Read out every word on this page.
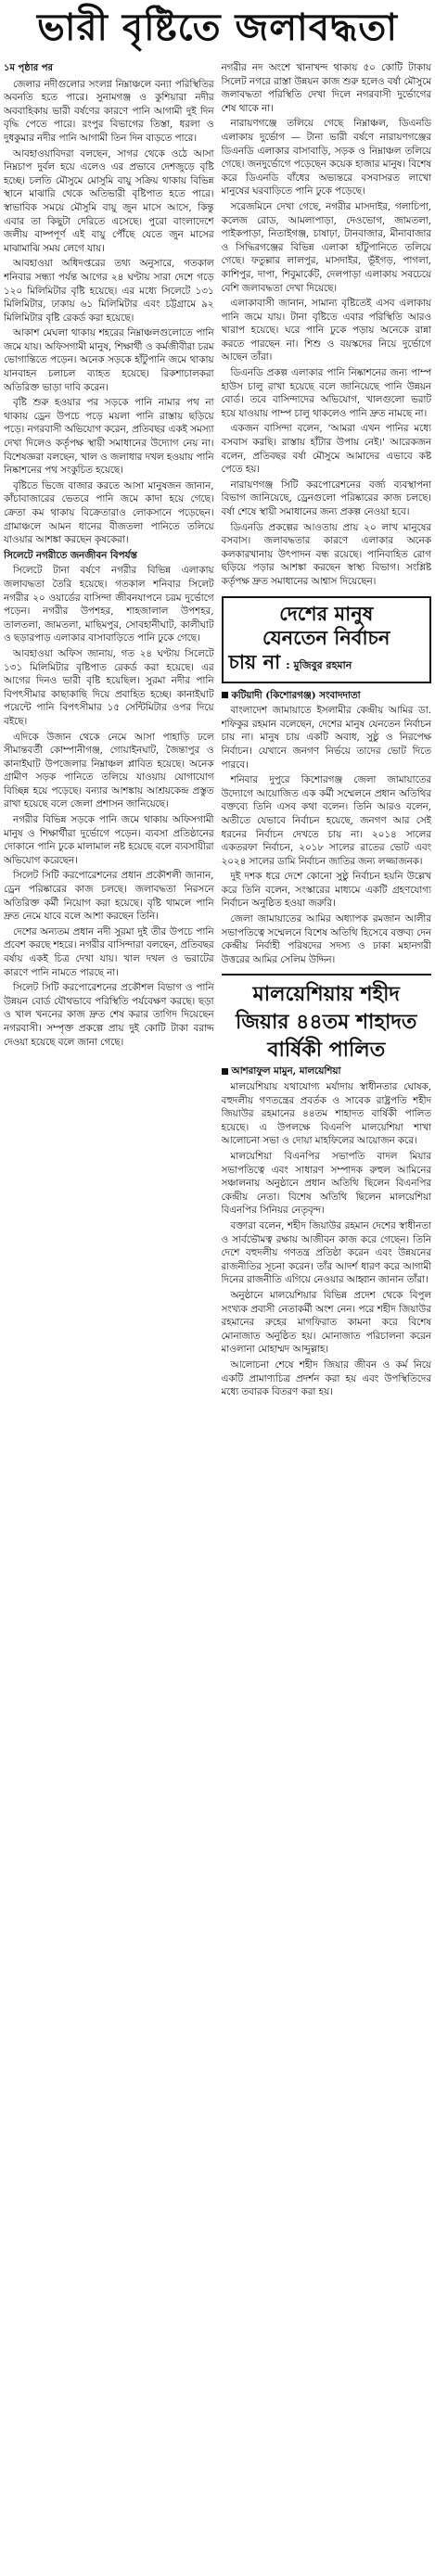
ভারী বৃষ্টিতে জলাবদ্ধতা

১ম পৃষ্ঠার পর

জেলার নদীগুলোর সংলগ্ন নিম্নাঞ্চলে বন্যা পরিস্থিতির অবনতি হতে পারে। সুনামগঞ্জ ও কুশিয়ারা নদীর অববাহিকায় ভারী বর্ষণের কারণে পানি আগামী দুই দিন বৃদ্ধি পেতে পারে। রংপুর বিভাগের তিস্তা, ধরলা ও দুধকুমার নদীর পানি আগামী তিন দিন বাড়তে পারে।

আবহাওয়াবিদরা বলছেন, সাগর থেকে ওঠে আসা নিম্নচাপ দুর্বল হয়ে এলেও এর প্রভাবে দেশজুড়ে বৃষ্টি হচ্ছে। চলতি মৌসুমে মোসুমি বায়ু সক্রিয় থাকায় বিভিন্ন স্থানে মাঝারি থেকে অতিভারী বৃষ্টিপাত হতে পারে। স্বাভাবিক সময়ে মৌসুমি বায়ু জুন মাসে আসে, কিন্তু এবার তা কিছুটা দেরিতে এসেছে। পুরো বাংলাদেশে জলীয় বাষ্পপূর্ণ এই বায়ু পৌঁছে যেতে জুন মাসের মাঝামাঝি সময় লেগে যায়।

আবহাওয়া অধিদপ্তরের তথ্য অনুসারে, গতকাল শনিবার সন্ধ্যা পর্যন্ত আগের ২৪ ঘণ্টায় সারা দেশে গড়ে ১২০ মিলিমিটার বৃষ্টি হয়েছে। এর মধ্যে সিলেটে ১৩১ মিলিমিটার, ঢাকায় ৬১ মিলিমিটার এবং চট্টগ্রামে ৯২ মিলিমিটার বৃষ্টি রেকর্ড করা হয়েছে।

আকাশ মেঘলা থাকায় শহরের নিম্নাঞ্চলগুলোতে পানি জমে যায়। অফিসগামী মানুষ, শিক্ষার্থী ও কর্মজীবীরা চরম ভোগান্তিতে পড়েন। অনেক সড়কে হাঁটুপানি জমে থাকায় যানবাহন চলাচল ব্যাহত হয়েছে। রিকশাচালকরা অতিরিক্ত ভাড়া দাবি করেন।

বৃষ্টি শুরু হওয়ার পর সড়কে পানি নামার পথ না থাকায় ড্রেন উপচে পড়ে ময়লা পানি রাস্তায় ছড়িয়ে পড়ে। নগরবাসী অভিযোগ করেন, প্রতিবছর একই সমস্যা দেখা দিলেও কর্তৃপক্ষ স্থায়ী সমাধানের উদ্যোগ নেয় না। বিশেষজ্ঞরা বলছেন, খাল ও জলাধার দখল হওয়ায় পানি নিষ্কাশনের পথ সংকুচিত হয়েছে।

বৃষ্টিতে ভিজে বাজার করতে আসা মানুষজন জানান, কাঁচাবাজারের ভেতরে পানি জমে কাদা হয়ে গেছে। ক্রেতা কম থাকায় বিক্রেতারাও লোকসানে পড়েছেন। গ্রামাঞ্চলে আমন ধানের বীজতলা পানিতে তলিয়ে যাওয়ার আশঙ্কা করছেন কৃষকেরা।

সিলেটে নগরীতে জনজীবন বিপর্যস্ত

সিলেটে টানা বর্ষণে নগরীর বিভিন্ন এলাকায় জলাবদ্ধতা তৈরি হয়েছে। গতকাল শনিবার সিলেট নগরীর ২০ ওয়ার্ডের বাসিন্দা জীবনযাপনে চরম দুর্ভোগে পড়েন। নগরীর উপশহর, শাহজালাল উপশহর, তালতলা, জামতলা, মাছিমপুর, সোবহানীঘাট, কালীঘাট ও ছড়ারপাড় এলাকার বাসাবাড়িতে পানি ঢুকে গেছে।

আবহাওয়া অফিস জানায়, গত ২৪ ঘণ্টায় সিলেটে ১৩১ মিলিমিটার বৃষ্টিপাত রেকর্ড করা হয়েছে। এর আগের দিনও ভারী বৃষ্টি হয়েছিল। সুরমা নদীর পানি বিপৎসীমার কাছাকাছি দিয়ে প্রবাহিত হচ্ছে। কানাইঘাট পয়েন্টে পানি বিপৎসীমার ১৫ সেন্টিমিটার ওপর দিয়ে বইছে।

এদিকে উজান থেকে নেমে আসা পাহাড়ি ঢলে সীমান্তবর্তী কোম্পানীগঞ্জ, গোয়াইনঘাট, জৈন্তাপুর ও কানাইঘাট উপজেলার নিম্নাঞ্চল প্লাবিত হয়েছে। অনেক গ্রামীণ সড়ক পানিতে তলিয়ে যাওয়ায় যোগাযোগ বিচ্ছিন্ন হয়ে পড়েছে। বন্যার আশঙ্কায় আশ্রয়কেন্দ্র প্রস্তুত রাখা হয়েছে বলে জেলা প্রশাসন জানিয়েছে।

নগরীর বিভিন্ন সড়কে পানি জমে থাকায় অফিসগামী মানুষ ও শিক্ষার্থীরা দুর্ভোগে পড়েন। ব্যবসা প্রতিষ্ঠানের দোকানে পানি ঢুকে মালামাল নষ্ট হয়েছে বলে ব্যবসায়ীরা অভিযোগ করেছেন।

সিলেট সিটি করপোরেশনের প্রধান প্রকৌশলী জানান, ড্রেন পরিষ্কারের কাজ চলছে। জলাবদ্ধতা নিরসনে অতিরিক্ত কর্মী নিয়োগ করা হয়েছে। বৃষ্টি থামলে পানি দ্রুত নেমে যাবে বলে আশা করছেন তিনি।

দেশের অন্যতম প্রধান নদী সুরমা দুই তীর উপচে পানি প্রবেশ করছে শহরে। নগরীর বাসিন্দারা বলছেন, প্রতিবছর বর্ষায় একই চিত্র দেখা যায়। খাল দখল ও ভরাটের কারণে পানি নামতে পারছে না।

সিলেট সিটি করপোরেশনের প্রকৌশল বিভাগ ও পানি উন্নয়ন বোর্ড যৌথভাবে পরিস্থিতি পর্যবেক্ষণ করছে। ছড়া ও খাল খননের কাজ দ্রুত শেষ করার তাগিদ দিয়েছেন নগরবাসী। সম্পৃক্ত প্রকল্পে প্রায় দুই কোটি টাকা বরাদ্দ দেওয়া হয়েছে বলে জানা গেছে।

নগরীর নদ অংশে খানাখন্দ থাকায় ৫০ কোটি টাকায় সিলেট নগরে রাস্তা উন্নয়ন কাজ শুরু হলেও বর্ষা মৌসুমে জলাবদ্ধতা পরিস্থিতি দেখা দিলে নগরবাসী দুর্ভোগের শেষ থাকে না।

নারায়ণগঞ্জে তলিয়ে গেছে নিম্নাঞ্চল, ডিএনডি এলাকায় দুর্ভোগ — টানা ভারী বর্ষণে নারায়ণগঞ্জের ডিএনডি এলাকার বাসাবাড়ি, সড়ক ও নিম্নাঞ্চল তলিয়ে গেছে। জনদুর্ভোগে পড়েছেন কয়েক হাজার মানুষ। বিশেষ করে ডিএনডি বাঁধের অভ্যন্তরে বসবাসরত লাখো মানুষের ঘরবাড়িতে পানি ঢুকে পড়েছে।

সরেজমিনে দেখা গেছে, নগরীর মাসদাইর, গলাচিপা, কলেজ রোড, আমলাপাড়া, দেওভোগ, জামতলা, পাইকপাড়া, নিতাইগঞ্জ, চাষাঢ়া, টানবাজার, মীনাবাজার ও সিদ্ধিরগঞ্জের বিভিন্ন এলাকা হাঁটুপানিতে তলিয়ে গেছে। ফতুল্লার লালপুর, মাসদাইর, ভূঁইগড়, পাগলা, কাশিপুর, দাপা, শিবুমার্কেট, দেলপাড়া এলাকায় সবচেয়ে বেশি জলাবদ্ধতা দেখা দিয়েছে।

এলাকাবাসী জানান, সামান্য বৃষ্টিতেই এসব এলাকায় পানি জমে যায়। টানা বৃষ্টিতে এবার পরিস্থিতি আরও খারাপ হয়েছে। ঘরে পানি ঢুকে পড়ায় অনেকে রান্না করতে পারছেন না। শিশু ও বয়স্কদের নিয়ে দুর্ভোগে আছেন তাঁরা।

ডিএনডি প্রকল্প এলাকার পানি নিষ্কাশনের জন্য পাম্প হাউস চালু রাখা হয়েছে বলে জানিয়েছে পানি উন্নয়ন বোর্ড। তবে বাসিন্দাদের অভিযোগ, খালগুলো ভরাট হয়ে যাওয়ায় পাম্প চালু থাকলেও পানি দ্রুত নামছে না।

একজন বাসিন্দা বলেন, 'আমরা এখন পানির মধ্যে বসবাস করছি। রাস্তায় হাঁটার উপায় নেই।' আরেকজন বলেন, প্রতিবছর বর্ষা মৌসুমে আমাদের এভাবে কষ্ট পেতে হয়।

নারায়ণগঞ্জ সিটি করপোরেশনের বর্জ্য ব্যবস্থাপনা বিভাগ জানিয়েছে, ড্রেনগুলো পরিষ্কারের কাজ চলছে। বর্ষা শেষে স্থায়ী সমাধানের জন্য প্রকল্প নেওয়া হবে।

ডিএনডি প্রকল্পের আওতায় প্রায় ২০ লাখ মানুষের বসবাস। জলাবদ্ধতার কারণে এলাকার অনেক কলকারখানায় উৎপাদন বন্ধ রয়েছে। পানিবাহিত রোগ ছড়িয়ে পড়ার আশঙ্কা করছেন স্বাস্থ্য বিভাগ। সংশ্লিষ্ট কর্তৃপক্ষ দ্রুত সমাধানের আশ্বাস দিয়েছেন।

দেশের মানুষ
যেনতেন নির্বাচন
চায় না : মুজিবুর রহমান

কটিয়াদী (কিশোরগঞ্জ) সংবাদদাতা

বাংলাদেশ জামায়াতে ইসলামীর কেন্দ্রীয় আমির ডা. শফিকুর রহমান বলেছেন, দেশের মানুষ যেনতেন নির্বাচন চায় না। মানুষ চায় একটি অবাধ, সুষ্ঠু ও নিরপেক্ষ নির্বাচন। যেখানে জনগণ নির্ভয়ে তাদের ভোট দিতে পারবে।

শনিবার দুপুরে কিশোরগঞ্জ জেলা জামায়াতের উদ্যোগে আয়োজিত এক কর্মী সম্মেলনে প্রধান অতিথির বক্তব্যে তিনি এসব কথা বলেন। তিনি আরও বলেন, অতীতে যেভাবে নির্বাচন হয়েছে, জনগণ আর সেই ধরনের নির্বাচন দেখতে চায় না। ২০১৪ সালের একতরফা নির্বাচন, ২০১৮ সালের রাতের ভোট এবং ২০২৪ সালের ডামি নির্বাচন জাতির জন্য লজ্জাজনক।

দুই দশক ধরে দেশে কোনো সুষ্ঠু নির্বাচন হয়নি উল্লেখ করে তিনি বলেন, সংস্কারের মাধ্যমে একটি গ্রহণযোগ্য নির্বাচন অনুষ্ঠিত হওয়া জরুরি।

জেলা জামায়াতের আমির অধ্যাপক রমজান আলীর সভাপতিত্বে সম্মেলনে বিশেষ অতিথি হিসেবে বক্তব্য দেন কেন্দ্রীয় নির্বাহী পরিষদের সদস্য ও ঢাকা মহানগরী উত্তরের আমির সেলিম উদ্দিন।

মালয়েশিয়ায় শহীদ
জিয়ার ৪৪তম শাহাদত
বার্ষিকী পালিত

আশরাফুল মামুন, মালয়েশিয়া

মালয়েশিয়ায় যথাযোগ্য মর্যাদায় স্বাধীনতার ঘোষক, বহুদলীয় গণতন্ত্রের প্রবর্তক ও সাবেক রাষ্ট্রপতি শহীদ জিয়াউর রহমানের ৪৪তম শাহাদত বার্ষিকী পালিত হয়েছে। এ উপলক্ষে বিএনপি মালয়েশিয়া শাখা আলোচনা সভা ও দোয়া মাহফিলের আয়োজন করে।

মালয়েশিয়া বিএনপির সভাপতি বাদল মিয়ার সভাপতিত্বে এবং সাধারণ সম্পাদক রুহুল আমিনের সঞ্চালনায় অনুষ্ঠানে প্রধান অতিথি ছিলেন বিএনপির কেন্দ্রীয় নেতা। বিশেষ অতিথি ছিলেন মালয়েশিয়া বিএনপির সিনিয়র নেতৃবৃন্দ।

বক্তারা বলেন, শহীদ জিয়াউর রহমান দেশের স্বাধীনতা ও সার্বভৌমত্ব রক্ষায় আজীবন কাজ করে গেছেন। তিনি দেশে বহুদলীয় গণতন্ত্র প্রতিষ্ঠা করেন এবং উন্নয়নের রাজনীতির সূচনা করেন। তাঁর আদর্শ ধারণ করে আগামী দিনের রাজনীতি এগিয়ে নেওয়ার আহ্বান জানান তাঁরা।

অনুষ্ঠানে মালয়েশিয়ার বিভিন্ন প্রদেশ থেকে বিপুল সংখ্যক প্রবাসী নেতাকর্মী অংশ নেন। পরে শহীদ জিয়াউর রহমানের রুহের মাগফিরাত কামনা করে বিশেষ মোনাজাত অনুষ্ঠিত হয়। মোনাজাত পরিচালনা করেন মাওলানা মোহাম্মদ আব্দুল্লাহ।

আলোচনা শেষে শহীদ জিয়ার জীবন ও কর্ম নিয়ে একটি প্রামাণ্যচিত্র প্রদর্শন করা হয় এবং উপস্থিতিদের মধ্যে তবারক বিতরণ করা হয়।
